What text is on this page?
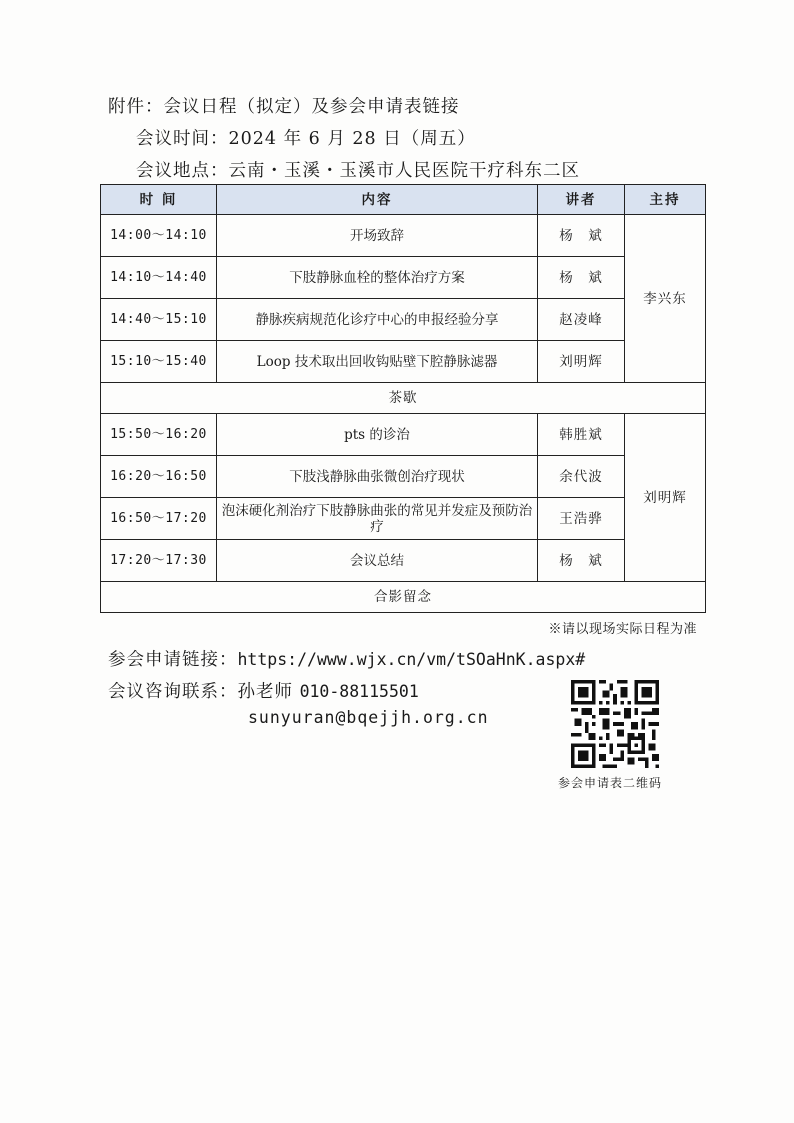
附件：会议日程（拟定）及参会申请表链接
会议时间：2024 年 6 月 28 日（周五）
会议地点：云南・玉溪・玉溪市人民医院干疗科东二区
时 间	内容	讲者	主持
14:00～14:10	开场致辞	杨　斌	李兴东
14:10～14:40	下肢静脉血栓的整体治疗方案	杨　斌	
14:40～15:10	静脉疾病规范化诊疗中心的申报经验分享	赵凌峰	
15:10～15:40	Loop 技术取出回收钩贴壁下腔静脉滤器	刘明辉	
茶歇			
15:50～16:20	pts 的诊治	韩胜斌	刘明辉
16:20～16:50	下肢浅静脉曲张微创治疗现状	余代波	
16:50～17:20	泡沫硬化剂治疗下肢静脉曲张的常见并发症及预防治疗	王浩骅	
17:20～17:30	会议总结	杨　斌	
合影留念			
※请以现场实际日程为准
参会申请链接：https://www.wjx.cn/vm/tSOaHnK.aspx#
会议咨询联系：孙老师 010-88115501
sunyuran@bqejjh.org.cn
参会申请表二维码
